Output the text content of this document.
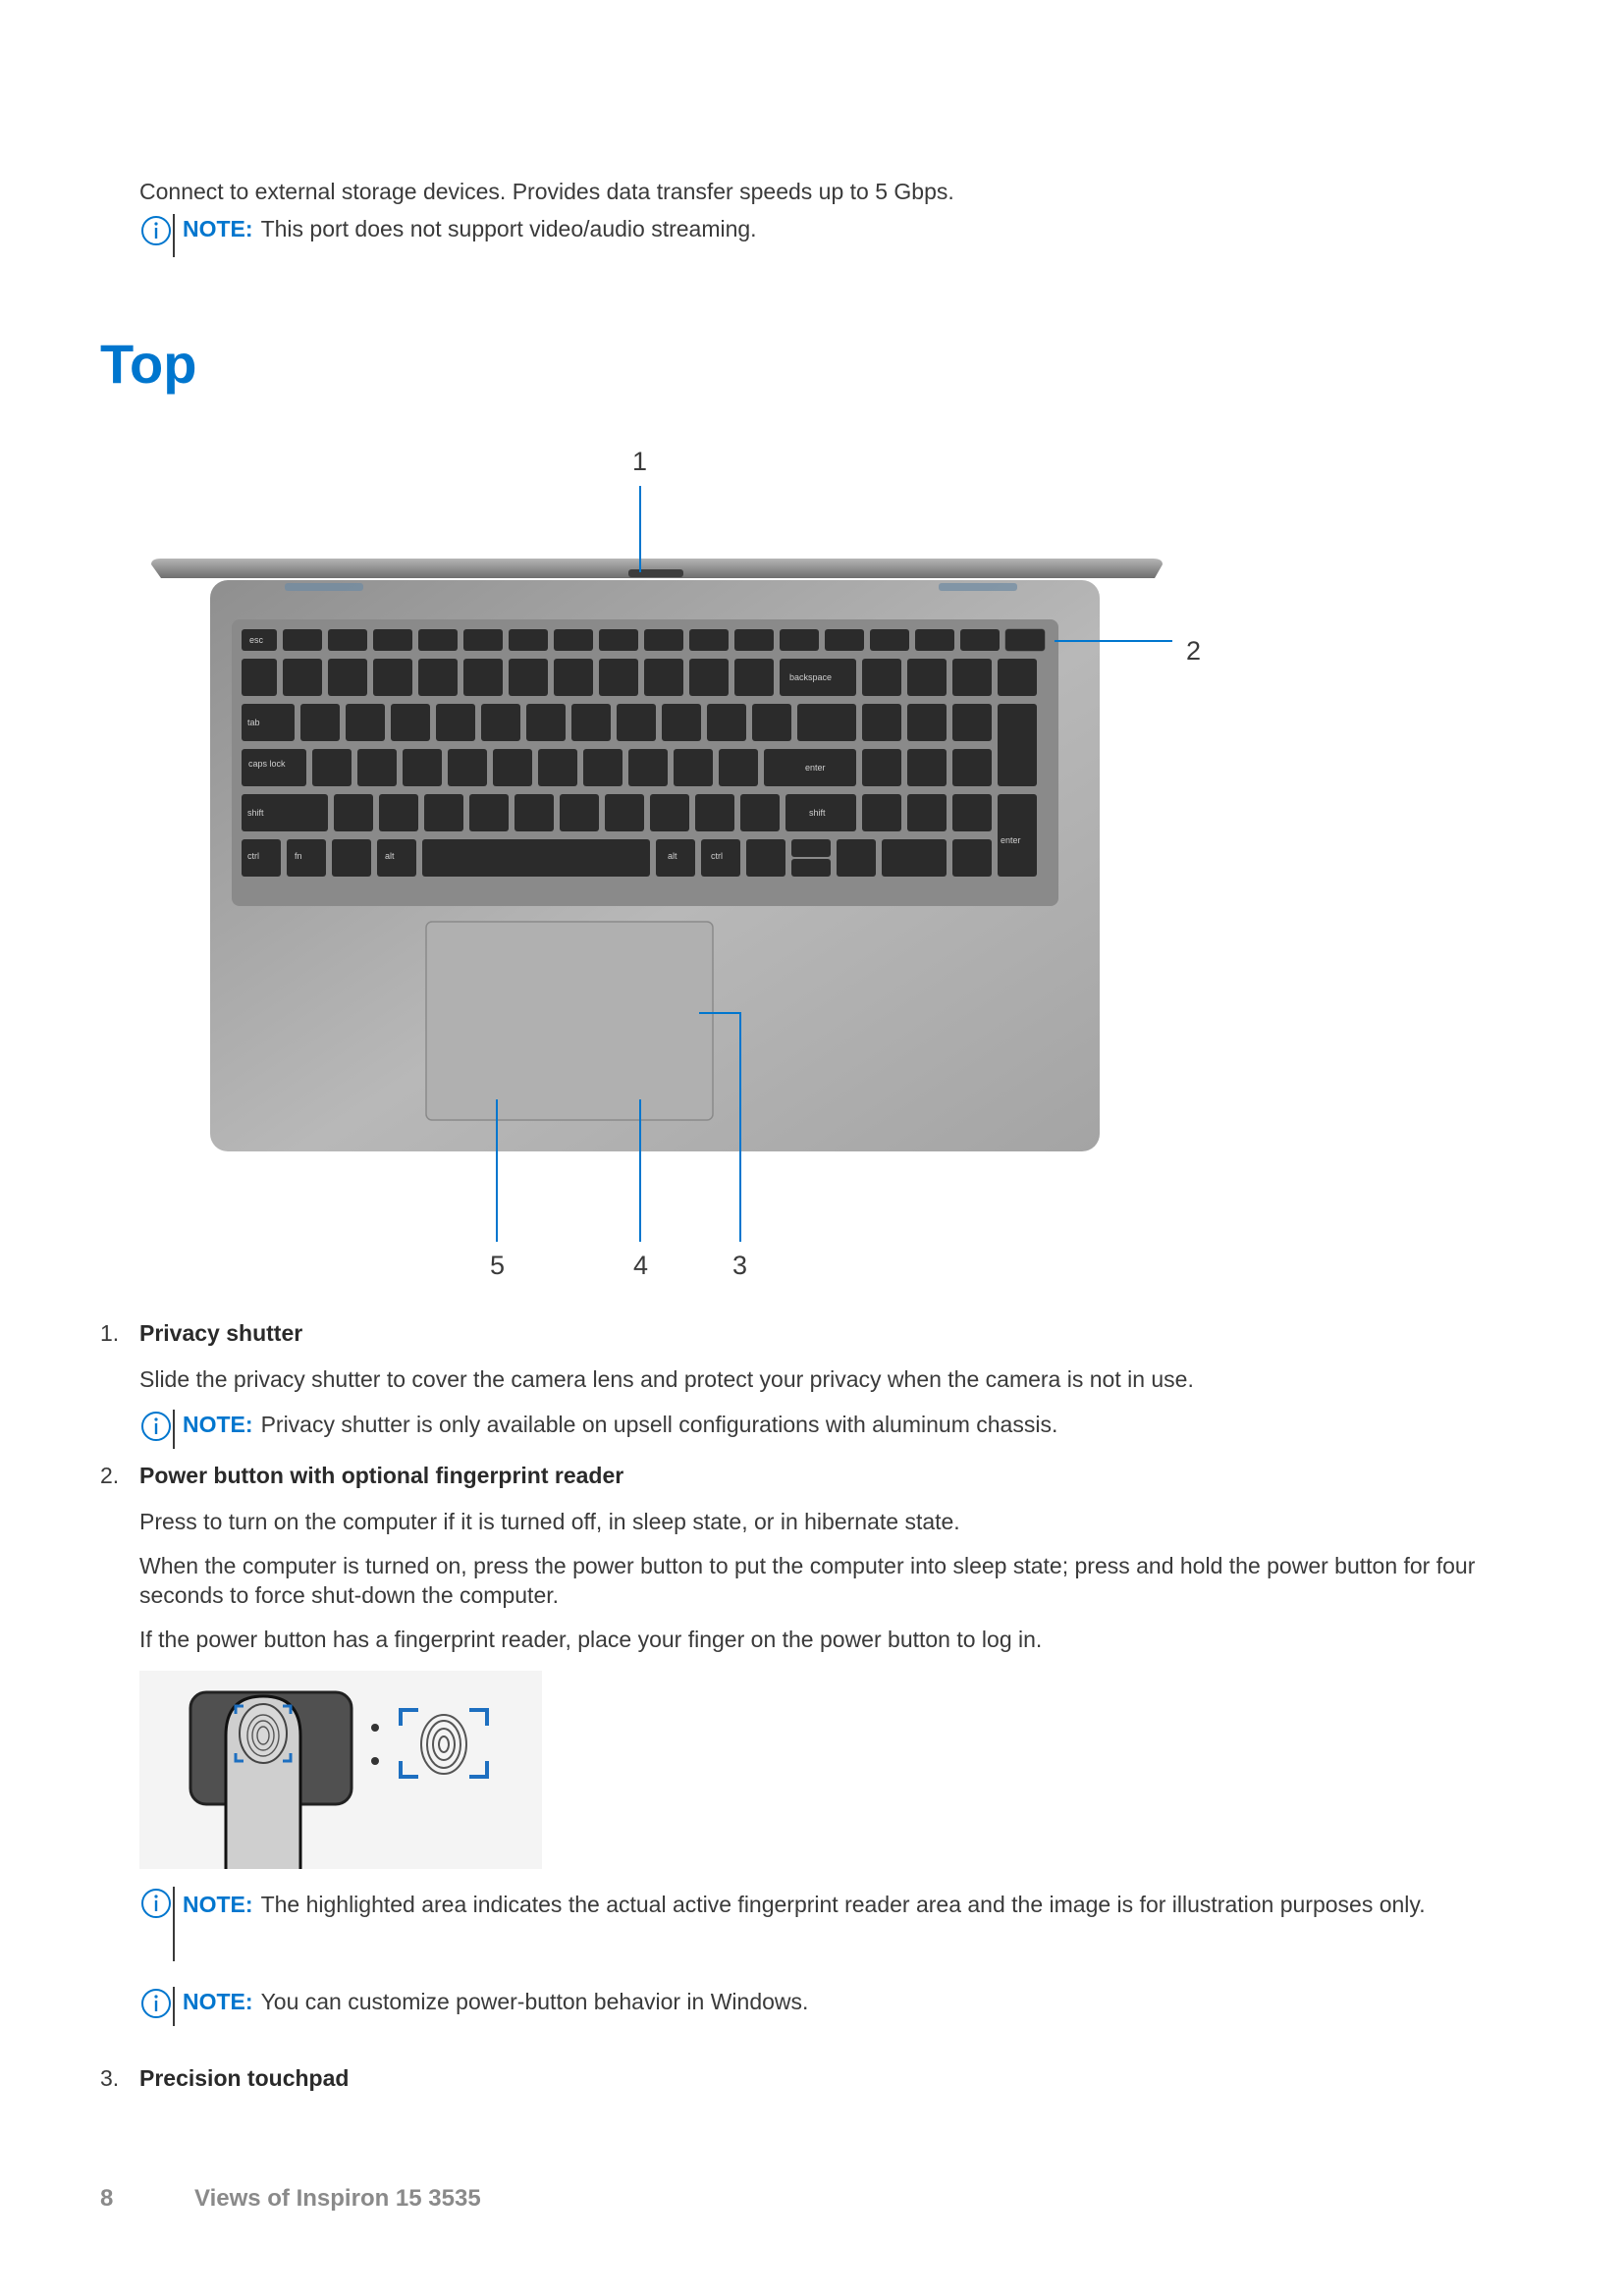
Connect to external storage devices. Provides data transfer speeds up to 5 Gbps.
NOTE: This port does not support video/audio streaming.
Top
esc
caps lock
shift
ctrl	fn	alt	alt	ctrl
backspace
tab
enter
shift
enter
1
2
3
4
5
1. Privacy shutter
Slide the privacy shutter to cover the camera lens and protect your privacy when the camera is not in use.
NOTE: Privacy shutter is only available on upsell configurations with aluminum chassis.
2. Power button with optional fingerprint reader
Press to turn on the computer if it is turned off, in sleep state, or in hibernate state.
When the computer is turned on, press the power button to put the computer into sleep state; press and hold the power button for four seconds to force shut-down the computer.
If the power button has a fingerprint reader, place your finger on the power button to log in.
NOTE: The highlighted area indicates the actual active fingerprint reader area and the image is for illustration purposes only.
NOTE: You can customize power-button behavior in Windows.
3. Precision touchpad
8	Views of Inspiron 15 3535
